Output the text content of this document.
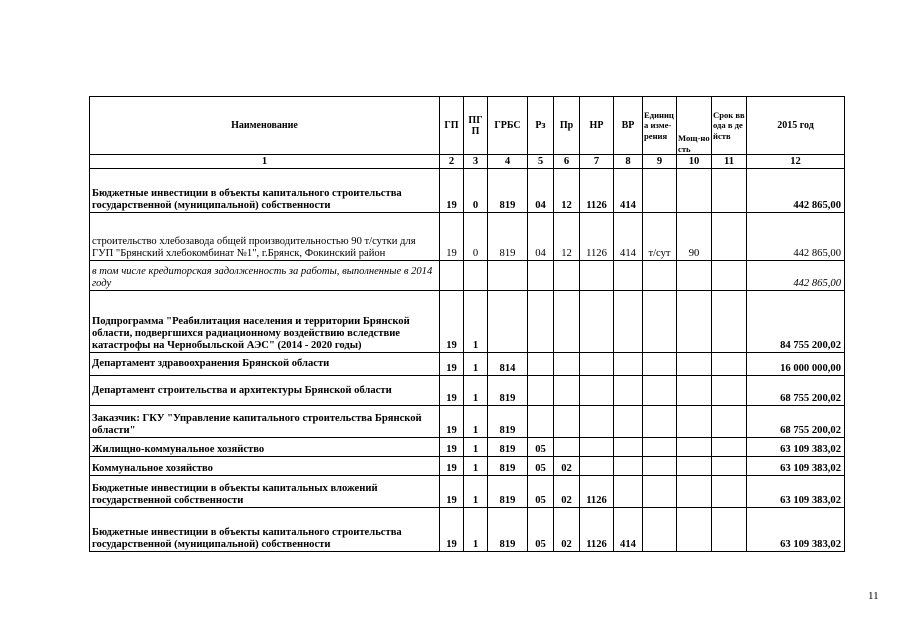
Наименование	ГП	ПГП	ГРБС	Рз	Пр	НР	ВР	Единица изме-рения	Мощ-ность	Срок ввода в действ	2015 год
1	2	3	4	5	6	7	8	9	10	11	12
Бюджетные инвестиции в объекты капитального строительства государственной (муниципальной) собственности	19	0	819	04	12	1126	414				442 865,00
строительство хлебозавода общей производительностью 90 т/сутки для ГУП "Брянский хлебокомбинат №1", г.Брянск, Фокинский район	19	0	819	04	12	1126	414	т/сут	90		442 865,00
в том числе кредиторская задолженность за работы, выполненные в 2014 году											442 865,00
Подпрограмма "Реабилитация населения и территории Брянской области, подвергшихся радиационному воздействию вследствие катастрофы на Чернобыльской АЭС" (2014 - 2020 годы)	19	1									84 755 200,02
Департамент здравоохранения Брянской области	19	1	814								16 000 000,00
Департамент строительства и архитектуры Брянской области	19	1	819								68 755 200,02
Заказчик: ГКУ "Управление капитального строительства Брянской области"	19	1	819								68 755 200,02
Жилищно-коммунальное хозяйство	19	1	819	05							63 109 383,02
Коммунальное хозяйство	19	1	819	05	02						63 109 383,02
Бюджетные инвестиции в объекты капитальных вложений государственной собственности	19	1	819	05	02	1126					63 109 383,02
Бюджетные инвестиции в объекты капитального строительства государственной (муниципальной) собственности	19	1	819	05	02	1126	414				63 109 383,02
11
